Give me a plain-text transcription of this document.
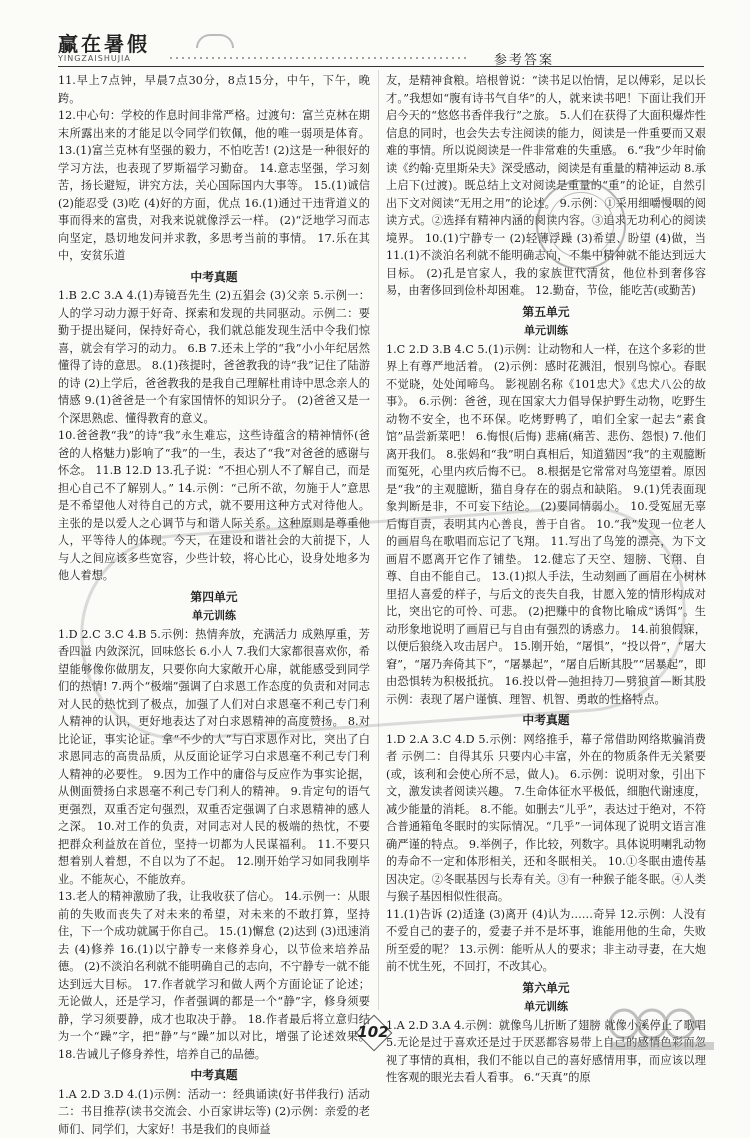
赢在暑假
YINGZAISHUJIA	参考答案

11.早上7点钟，早晨7点30分，8点15分，中午，下午，晚跨。

12.中心句：学校的作息时间非常严格。过渡句：富兰克林在期末所露出来的才能足以令同学们钦佩，他的唯一弱项是体育。 13.(1)富兰克林有坚强的毅力，不怕吃苦! (2)这是一种很好的学习方法，也表现了罗斯福学习勤奋。 14.意志坚强，学习刻苦，扬长避短，讲究方法，关心国际国内大事等。 15.(1)诚信 (2)能忍受 (3)吃 (4)好的方面，优点 16.(1)通过干违背道义的事而得来的富贵，对我来说就像浮云一样。 (2)“泛地学习而志向坚定，恳切地发问并求教，多思考当前的事情。 17.乐在其中，安贫乐道

中考真题

1.B 2.C 3.A 4.(1)寿镜吾先生 (2)五猖会 (3)父亲 5.示例一：人的学习动力源于好奇、探索和发现的共同驱动。示例二：要勤于提出疑问，保持好奇心，我们就总能发现生活中令我们惊喜，就会有学习的动力。 6.B 7.还未上学的“我”小小年纪居然懂得了诗的意思。 8.(1)孩提时，爸爸教我的诗“我”记住了陆游的诗 (2)上学后，爸爸教我的是我自己理解杜甫诗中思念亲人的情感 9.(1)爸爸是一个有家国情怀的知识分子。 (2)爸爸又是一个深思熟虑、懂得教育的意义。

10.爸爸教“我”的诗“我”永生难忘，这些诗蕴含的精神情怀(爸爸的人格魅力)影响了“我”的一生，表达了“我”对爸爸的感谢与怀念。 11.B 12.D 13.孔子说：“不担心别人不了解自己，而是担心自己不了解别人。” 14.示例：“己所不欲，勿施于人”意思是不希望他人对待自己的方式，就不要用这种方式对待他人。主张的是以爱人之心调节与和谐人际关系。这种原则是尊重他人，平等待人的体现。今天，在建设和谐社会的大前提下，人与人之间应该多些宽容，少些计较，将心比心，设身处地多为他人着想。

第四单元
单元训练

1.D 2.C 3.C 4.B 5.示例：热情奔放，充满活力 成熟厚重，芳香四溢 内敛深沉，回味悠长 6.小人 7.我们大家都很喜欢你，希望能够像你做朋友，只要你向大家敞开心扉，就能感受到同学们的热情! 7.两个“极端”强调了白求恩工作态度的负责和对同志对人民的热忱到了极点，加强了人们对白求恩毫不利己专门利人精神的认识，更好地表达了对白求恩精神的高度赞扬。 8.对比论证，事实论证。拿“不少的人”与白求恩作对比，突出了白求恩同志的高贵品质，从反面论证学习白求恩毫不利己专门利人精神的必要性。 9.因为工作中的庸俗与反应作为事实论据，从侧面赞扬白求恩毫不利己专门利人的精神。 9.肯定句的语气更强烈，双重否定句强烈，双重否定强调了白求恩精神的感人之深。 10.对工作的负责，对同志对人民的极端的热忱，不要把群众利益放在首位，坚持一切都为人民谋福利。 11.不要只想着别人着想，不自以为了不起。 12.刚开始学习如同我刚毕业。不能灰心，不能放弃。

13.老人的精神激励了我，让我收获了信心。 14.示例一：从眼前的失败而丧失了对未来的希望，对未来的不敢打算，坚持住，下一个成功就属于你自己。 15.(1)懈怠 (2)达到 (3)迅速消去 (4)修养 16.(1)以宁静专一来修养身心，以节俭来培养品德。 (2)不淡泊名利就不能明确自己的志向，不宁静专一就不能达到远大目标。 17.作者就学习和做人两个方面论证了论述；无论做人，还是学习，作者强调的都是一个“静”字，修身须要静，学习须要静，成才也取决于静。 18.作者最后将立意归结为一个“躁”字，把“静”与“躁”加以对比，增强了论述效果。 18.告诫儿子修身养性，培养自己的品德。

中考真题

1.A 2.D 3.D 4.(1)示例：活动一：经典诵读(好书伴我行) 活动二：书目推荐(读书交流会、小百家讲坛等) (2)示例：亲爱的老师们、同学们，大家好！书是我们的良师益

友，是精神食粮。培根曾说：“读书足以怡情，足以傅彩，足以长才。”我想如“腹有诗书气自华”的人，就来读书吧！下面让我们开启今天的“悠悠书香伴我行”之旅。 5.人们在获得了大面积爆炸性信息的同时，也会失去专注阅读的能力，阅读是一件重要而又艰难的事情。所以说阅读是一件非常难的失重感。 6.“我”少年时偷读《约翰·克里斯朵夫》深受感动，阅读是有重量的精神运动 8.承上启下(过渡)。既总结上文对阅读是重量的“重”的论证，自然引出下文对阅读“无用之用”的论述。 9.示例：①采用细嚼慢咽的阅读方式。②选择有精神内涵的阅读内容。③追求无功利心的阅读境界。 10.(1)宁静专一 (2)轻薄浮躁 (3)希望、盼望 (4)做，当 11.(1)不淡泊名利就不能明确志向，不集中精神就不能达到远大目标。 (2)孔是官家人，我的家族世代清贫，他位朴到奢侈容易，由奢侈回到俭朴却困难。 12.勤奋，节俭，能吃苦(或勤苦)

第五单元
单元训练

1.C 2.D 3.B 4.C 5.(1)示例：让动物和人一样，在这个多彩的世界上有尊严地活着。 (2)示例：感时花溅泪，恨别鸟惊心。春眠不觉晓，处处闻啼鸟。 影视剧名称《101忠犬》《忠犬八公的故事》。 6.示例：爸爸，现在国家大力倡导保护野生动物，吃野生动物不安全，也不环保。吃烤野鸭了，咱们全家一起去“素食馆”品尝新菜吧！ 6.悔恨(后悔) 悲痛(痛苦、悲伤、怨恨) 7.他们离开我们。 8.张妈和“我”明白真相后，知道猫因“我”的主观臆断而冤死，心里内疚后悔不已。 8.根据是它常常对鸟笼望着。原因是“我”的主观臆断，猫自身存在的弱点和缺陷。 9.(1)凭表面现象判断是非，不可妄下结论。 (2)要同情弱小。 10.受冤屈无辜后悔自责，表明其内心善良，善于自省。 10.“我”发现一位老人的画眉鸟在歌唱而忘记了飞翔。 11.写出了鸟笼的漂亮，为下文画眉不愿离开它作了铺垫。 12.健忘了天空、翅膀、飞翔、自尊、自由不能自己。 13.(1)拟人手法，生动刻画了画眉在小树林里招人喜爱的样子，与后文的丧失自我，甘愿入笼的情形构成对比，突出它的可怜、可悲。 (2)把赚中的食物比喻成“诱饵”。生动形象地说明了画眉已与自由有强烈的诱惑力。 14.前狼假寐，以便后狼绕入攻击居户。 15.刚开始，“屠惧”，“投以骨”，“屠大窘”，“屠乃奔倚其下”，“屠暴起”，“屠自后断其股”“居暴起”，即由恐惧转为积极抵抗。 16.投以骨—弛担持刀—劈狼首—断其股 示例：表现了屠户谨慎、理智、机智、勇敢的性格特点。

中考真题

1.D 2.A 3.C 4.D 5.示例：网络推手，幕子常借助网络欺骗消费者 示例二：自得其乐 只要内心丰富，外在的物质条件无关紧要(或，该利和会使心所不忌，做人)。 6.示例：说明对象，引出下文，激发读者阅读兴趣。 7.生命体征水平极低，细胞代谢速度，减少能量的消耗。 8.不能。如删去“儿乎”，表达过于绝对，不符合普通箱龟冬眠时的实际情况。“几乎”一词体现了说明文语言准确严谨的特点。 9.举例子，作比较，列数字。具体说明喇乳动物的寿命不一定和体形相关，还和冬眠相关。 10.①冬眠由遗传基因决定。②冬眠基因与长寿有关。③有一种猴子能冬眠。④人类与猴子基因相似性很高。

11.(1)告诉 (2)适逢 (3)离开 (4)认为……奇异 12.示例：人没有不爱自己的妻子的，爱妻子并不是坏事，谁能用他的生命，失败所至爱的呢？ 13.示例：能听从人的要求；非主动寻妻，在大炮前不忧生死，不回打，不改其心。

第六单元
单元训练

1.A 2.D 3.A 4.示例：就像鸟儿折断了翅膀 就像小溪停止了歌唱 5.无论是过于喜欢还是过于厌恶都容易带上自己的感情色彩而忽视了事情的真相，我们不能以自己的喜好感情用事，而应该以理性客观的眼光去看人看事。 6.“天真”的原

102
